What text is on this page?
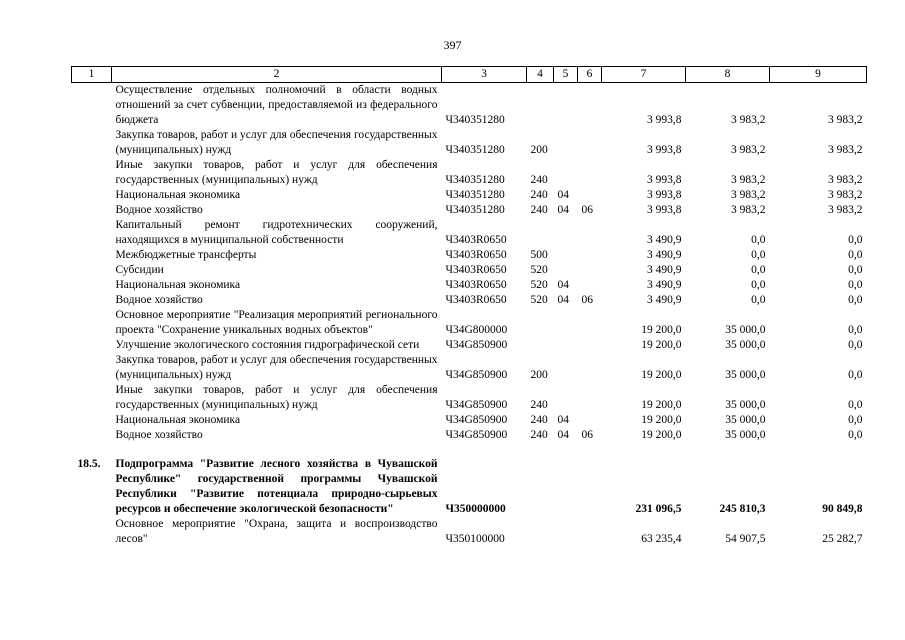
397
1	2	3	4	5	6	7	8	9
	Осуществление отдельных полномочий в области водных отношений за счет субвенции, предоставляемой из федерального бюджета	Ч340351280				3 993,8	3 983,2	3 983,2
	Закупка товаров, работ и услуг для обеспечения государственных (муниципальных) нужд	Ч340351280	200			3 993,8	3 983,2	3 983,2
	Иные закупки товаров, работ и услуг для обеспечения государственных (муниципальных) нужд	Ч340351280	240			3 993,8	3 983,2	3 983,2
	Национальная экономика	Ч340351280	240	04		3 993,8	3 983,2	3 983,2
	Водное хозяйство	Ч340351280	240	04	06	3 993,8	3 983,2	3 983,2
	Капитальный ремонт гидротехнических сооружений, находящихся в муниципальной собственности	Ч3403R0650				3 490,9	0,0	0,0
	Межбюджетные трансферты	Ч3403R0650	500			3 490,9	0,0	0,0
	Субсидии	Ч3403R0650	520			3 490,9	0,0	0,0
	Национальная экономика	Ч3403R0650	520	04		3 490,9	0,0	0,0
	Водное хозяйство	Ч3403R0650	520	04	06	3 490,9	0,0	0,0
	Основное мероприятие "Реализация мероприятий регионального проекта "Сохранение уникальных водных объектов"	Ч34G800000				19 200,0	35 000,0	0,0
	Улучшение экологического состояния гидрографической сети	Ч34G850900				19 200,0	35 000,0	0,0
	Закупка товаров, работ и услуг для обеспечения государственных (муниципальных) нужд	Ч34G850900	200			19 200,0	35 000,0	0,0
	Иные закупки товаров, работ и услуг для обеспечения государственных (муниципальных) нужд	Ч34G850900	240			19 200,0	35 000,0	0,0
	Национальная экономика	Ч34G850900	240	04		19 200,0	35 000,0	0,0
	Водное хозяйство	Ч34G850900	240	04	06	19 200,0	35 000,0	0,0

18.5.	Подпрограмма "Развитие лесного хозяйства в Чувашской Республике" государственной программы Чувашской Республики "Развитие потенциала природно-сырьевых ресурсов и обеспечение экологической безопасности"	Ч350000000				231 096,5	245 810,3	90 849,8
	Основное мероприятие "Охрана, защита и воспроизводство лесов"	Ч350100000				63 235,4	54 907,5	25 282,7
